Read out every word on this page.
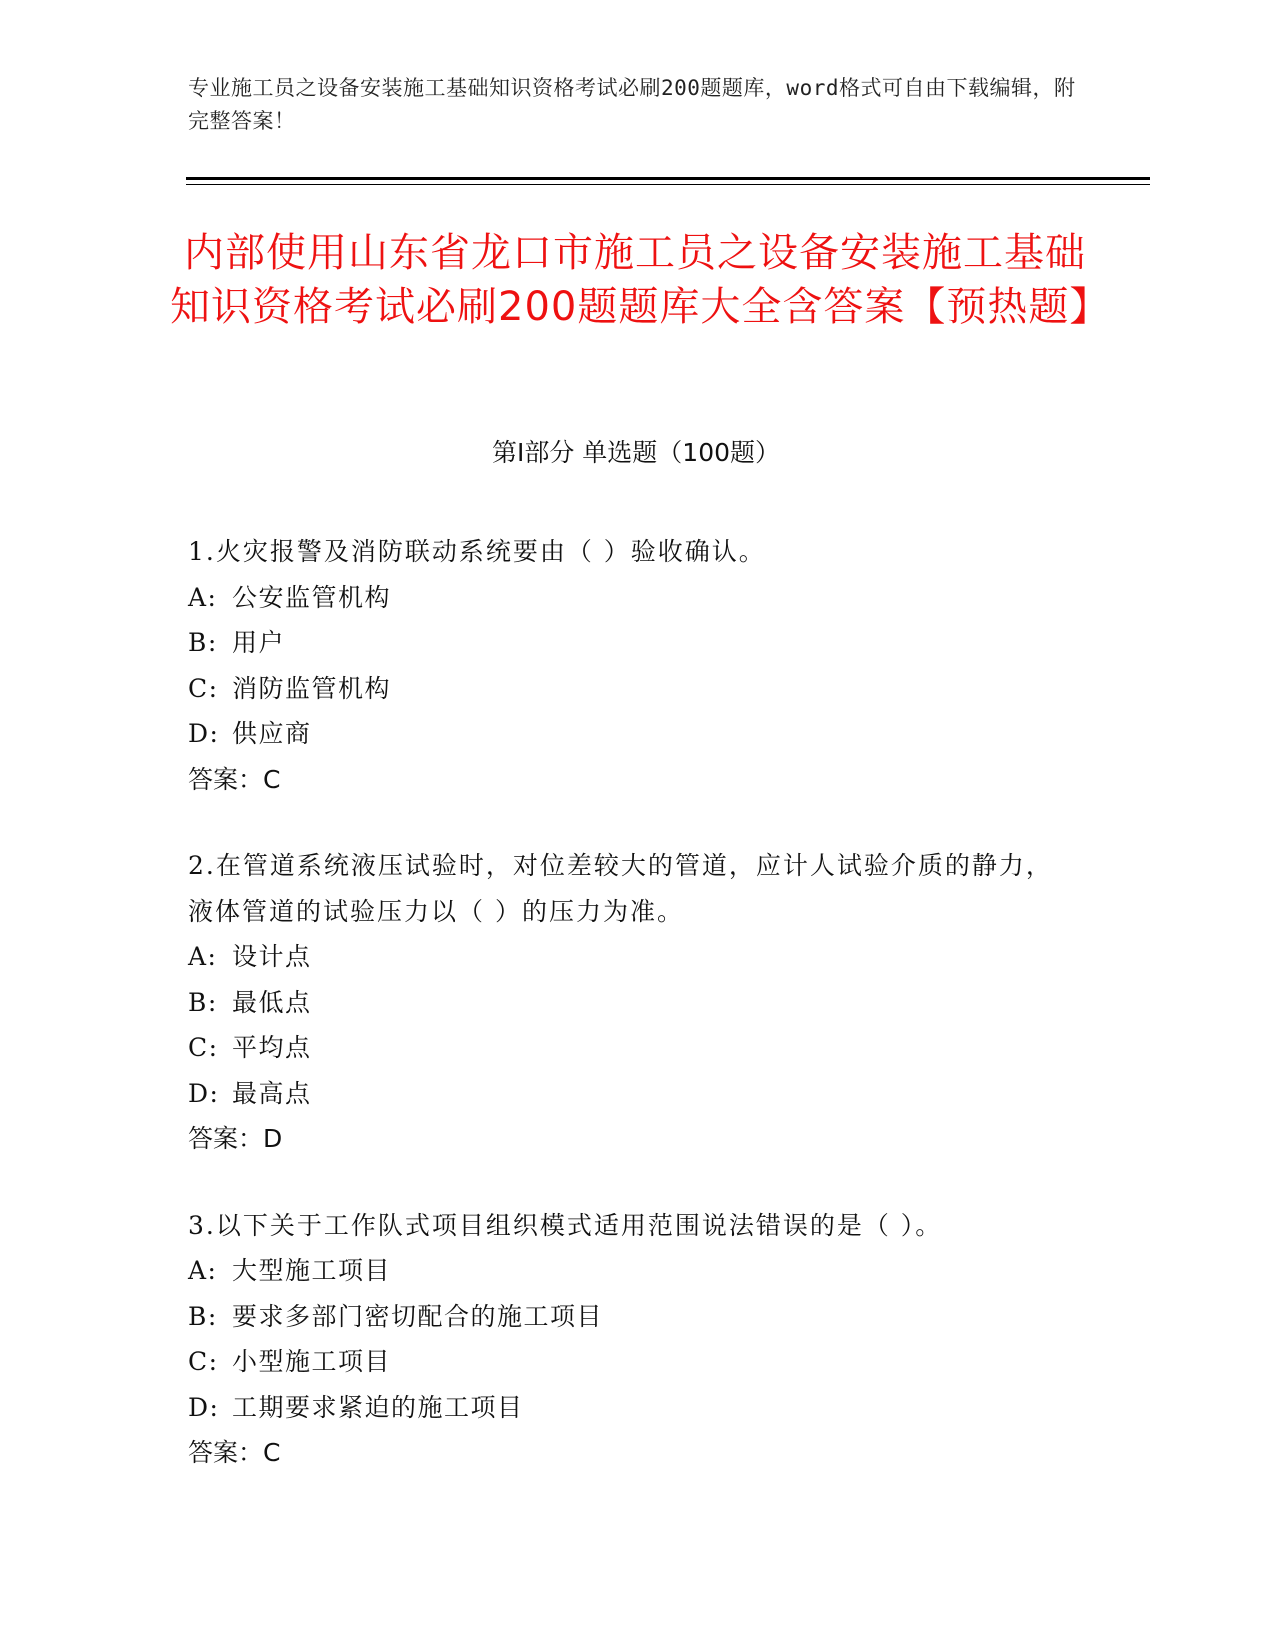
专业施工员之设备安装施工基础知识资格考试必刷200题题库，word格式可自由下载编辑，附完整答案！
内部使用山东省龙口市施工员之设备安装施工基础知识资格考试必刷200题题库大全含答案【预热题】
第Ⅰ部分 单选题（100题）
1.火灾报警及消防联动系统要由（ ）验收确认。
A: 公安监管机构
B: 用户
C: 消防监管机构
D: 供应商
答案：C
2.在管道系统液压试验时，对位差较大的管道，应计人试验介质的静力，液体管道的试验压力以（ ）的压力为准。
A: 设计点
B: 最低点
C: 平均点
D: 最高点
答案：D
3.以下关于工作队式项目组织模式适用范围说法错误的是（ ）。
A: 大型施工项目
B: 要求多部门密切配合的施工项目
C: 小型施工项目
D: 工期要求紧迫的施工项目
答案：C
